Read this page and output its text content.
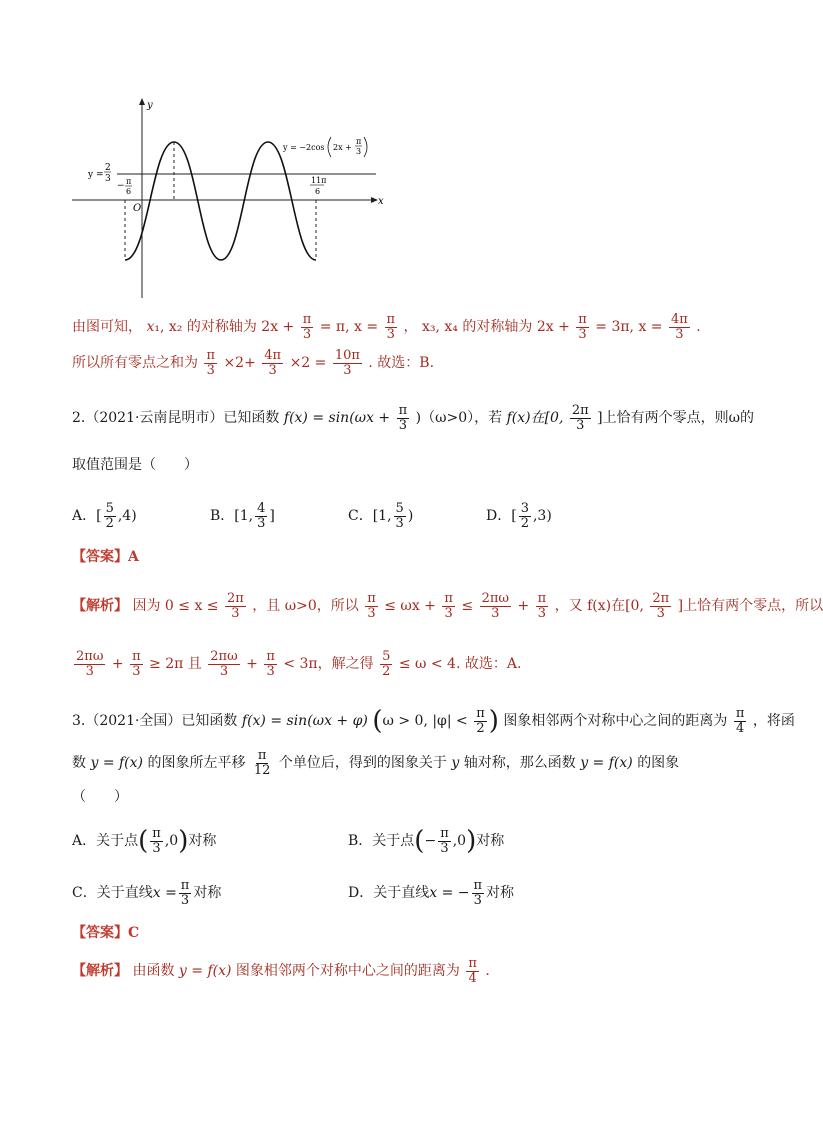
y
x
O
y = −2cos 2x +
π
3
y =
2
3
− π
6
11π
6
由图可知， x₁, x₂ 的对称轴为 $2x + \frac{\pi}{3} = \pi$, $x = \frac{\pi}{3}$ ， x₃, x₄ 的对称轴为 $2x + \frac{\pi}{3} = 3\pi$, $x = \frac{4\pi}{3}$ .
所以所有零点之和为 $\frac{\pi}{3} \times 2+ \frac{4\pi}{3} \times 2 = \frac{10\pi}{3}$ . 故选：B.
2.（2021·云南昆明市）已知函数 $f(x) = \sin(\omega x + \frac{\pi}{3} )(\omega>0)$，若 f(x)在[0, $\frac{2\pi}{3}$ ]上恰有两个零点，则ω的
取值范围是（　　）
A．[ $\frac{5}{2} ,4$)	B．[1, $\frac{4}{3}$ ]	C．[1, $\frac{5}{3}$ )	D．[ $\frac{3}{2} ,3$)
【答案】A
【解析】 因为 $0 \le x \le \frac{2\pi}{3}$ ，且 ω>0，所以 $\frac{\pi}{3} \le \omega x + \frac{\pi}{3} \le \frac{2\pi\omega}{3} + \frac{\pi}{3}$ ，又 f(x)在[0, $\frac{2\pi}{3}$ ]上恰有两个零点，所以
$\frac{2\pi\omega}{3} + \frac{\pi}{3} \ge 2\pi$ 且 $\frac{2\pi\omega}{3} + \frac{\pi}{3} < 3\pi$，解之得 $\frac{5}{2} \le \omega < 4$. 故选：A.
3.（2021·全国）已知函数 f(x) = sin(ωx + φ) (ω > 0, $|\varphi| < \frac{\pi}{2}$ ) 图象相邻两个对称中心之间的距离为 $\frac{\pi}{4}$ ，将函
数 y = f(x) 的图象所左平移 $\frac{\pi}{12}$ 个单位后，得到的图象关于 y 轴对称，那么函数 y = f(x) 的图象
（　　）
A．关于点( $\frac{\pi}{3} ,0$)对称	B．关于点(− $\frac{\pi}{3} ,0$)对称
C．关于直线$x = \frac{\pi}{3}$ 对称	D．关于直线x = − $\frac{\pi}{3}$ 对称
【答案】C
【解析】 由函数 y = f(x) 图象相邻两个对称中心之间的距离为 $\frac{\pi}{4}$ .
